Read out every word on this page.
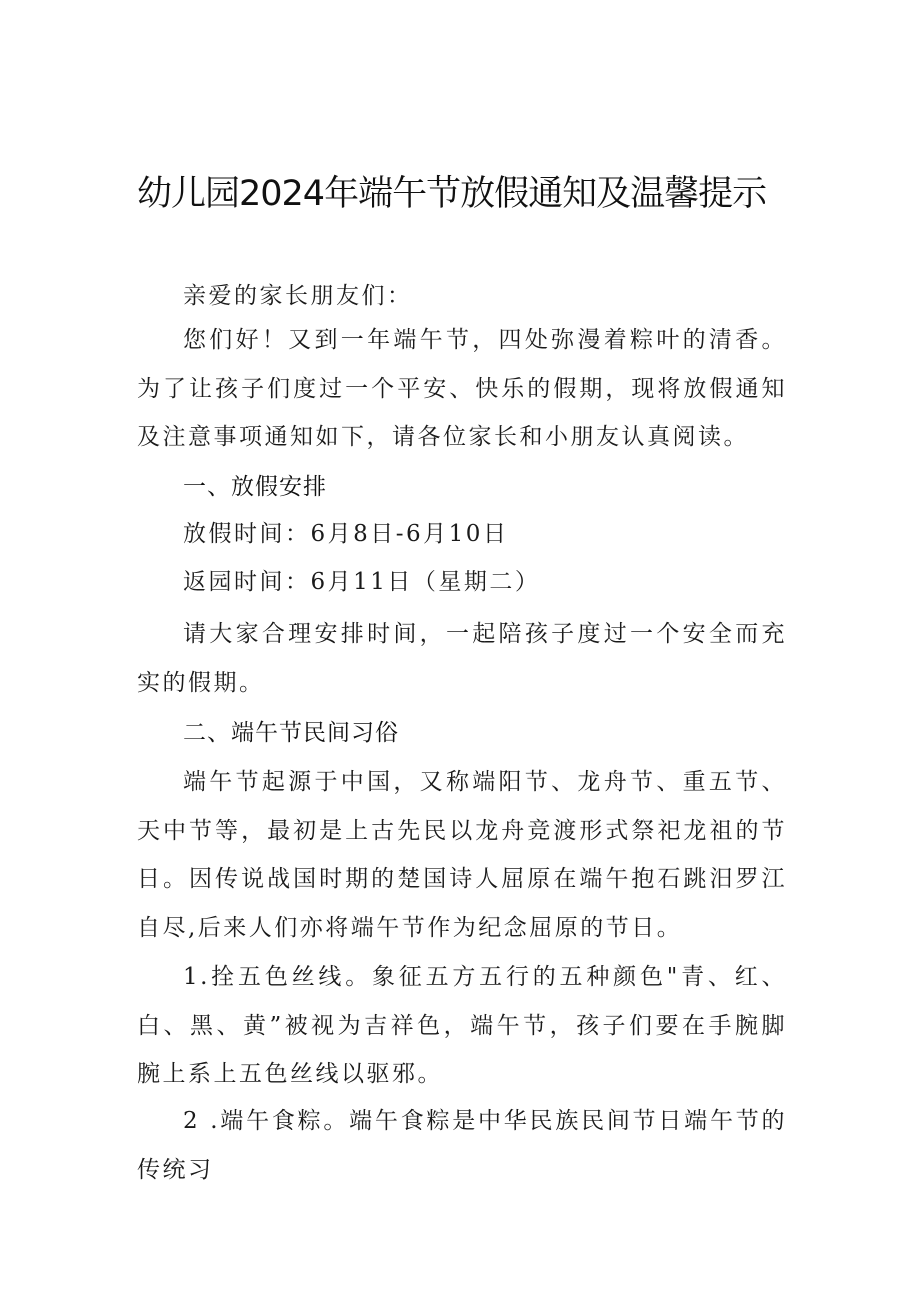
幼儿园2024年端午节放假通知及温馨提示
亲爱的家长朋友们：
您们好！又到一年端午节，四处弥漫着粽叶的清香。为了让孩子们度过一个平安、快乐的假期，现将放假通知及注意事项通知如下，请各位家长和小朋友认真阅读。
一、放假安排
放假时间：6月8日-6月10日
返园时间：6月11日（星期二）
请大家合理安排时间，一起陪孩子度过一个安全而充实的假期。
二、端午节民间习俗
端午节起源于中国，又称端阳节、龙舟节、重五节、天中节等，最初是上古先民以龙舟竞渡形式祭祀龙祖的节日。因传说战国时期的楚国诗人屈原在端午抱石跳汨罗江自尽,后来人们亦将端午节作为纪念屈原的节日。
1.拴五色丝线。象征五方五行的五种颜色"青、红、白、黑、黄”被视为吉祥色，端午节，孩子们要在手腕脚腕上系上五色丝线以驱邪。
2 .端午食粽。端午食粽是中华民族民间节日端午节的传统习
